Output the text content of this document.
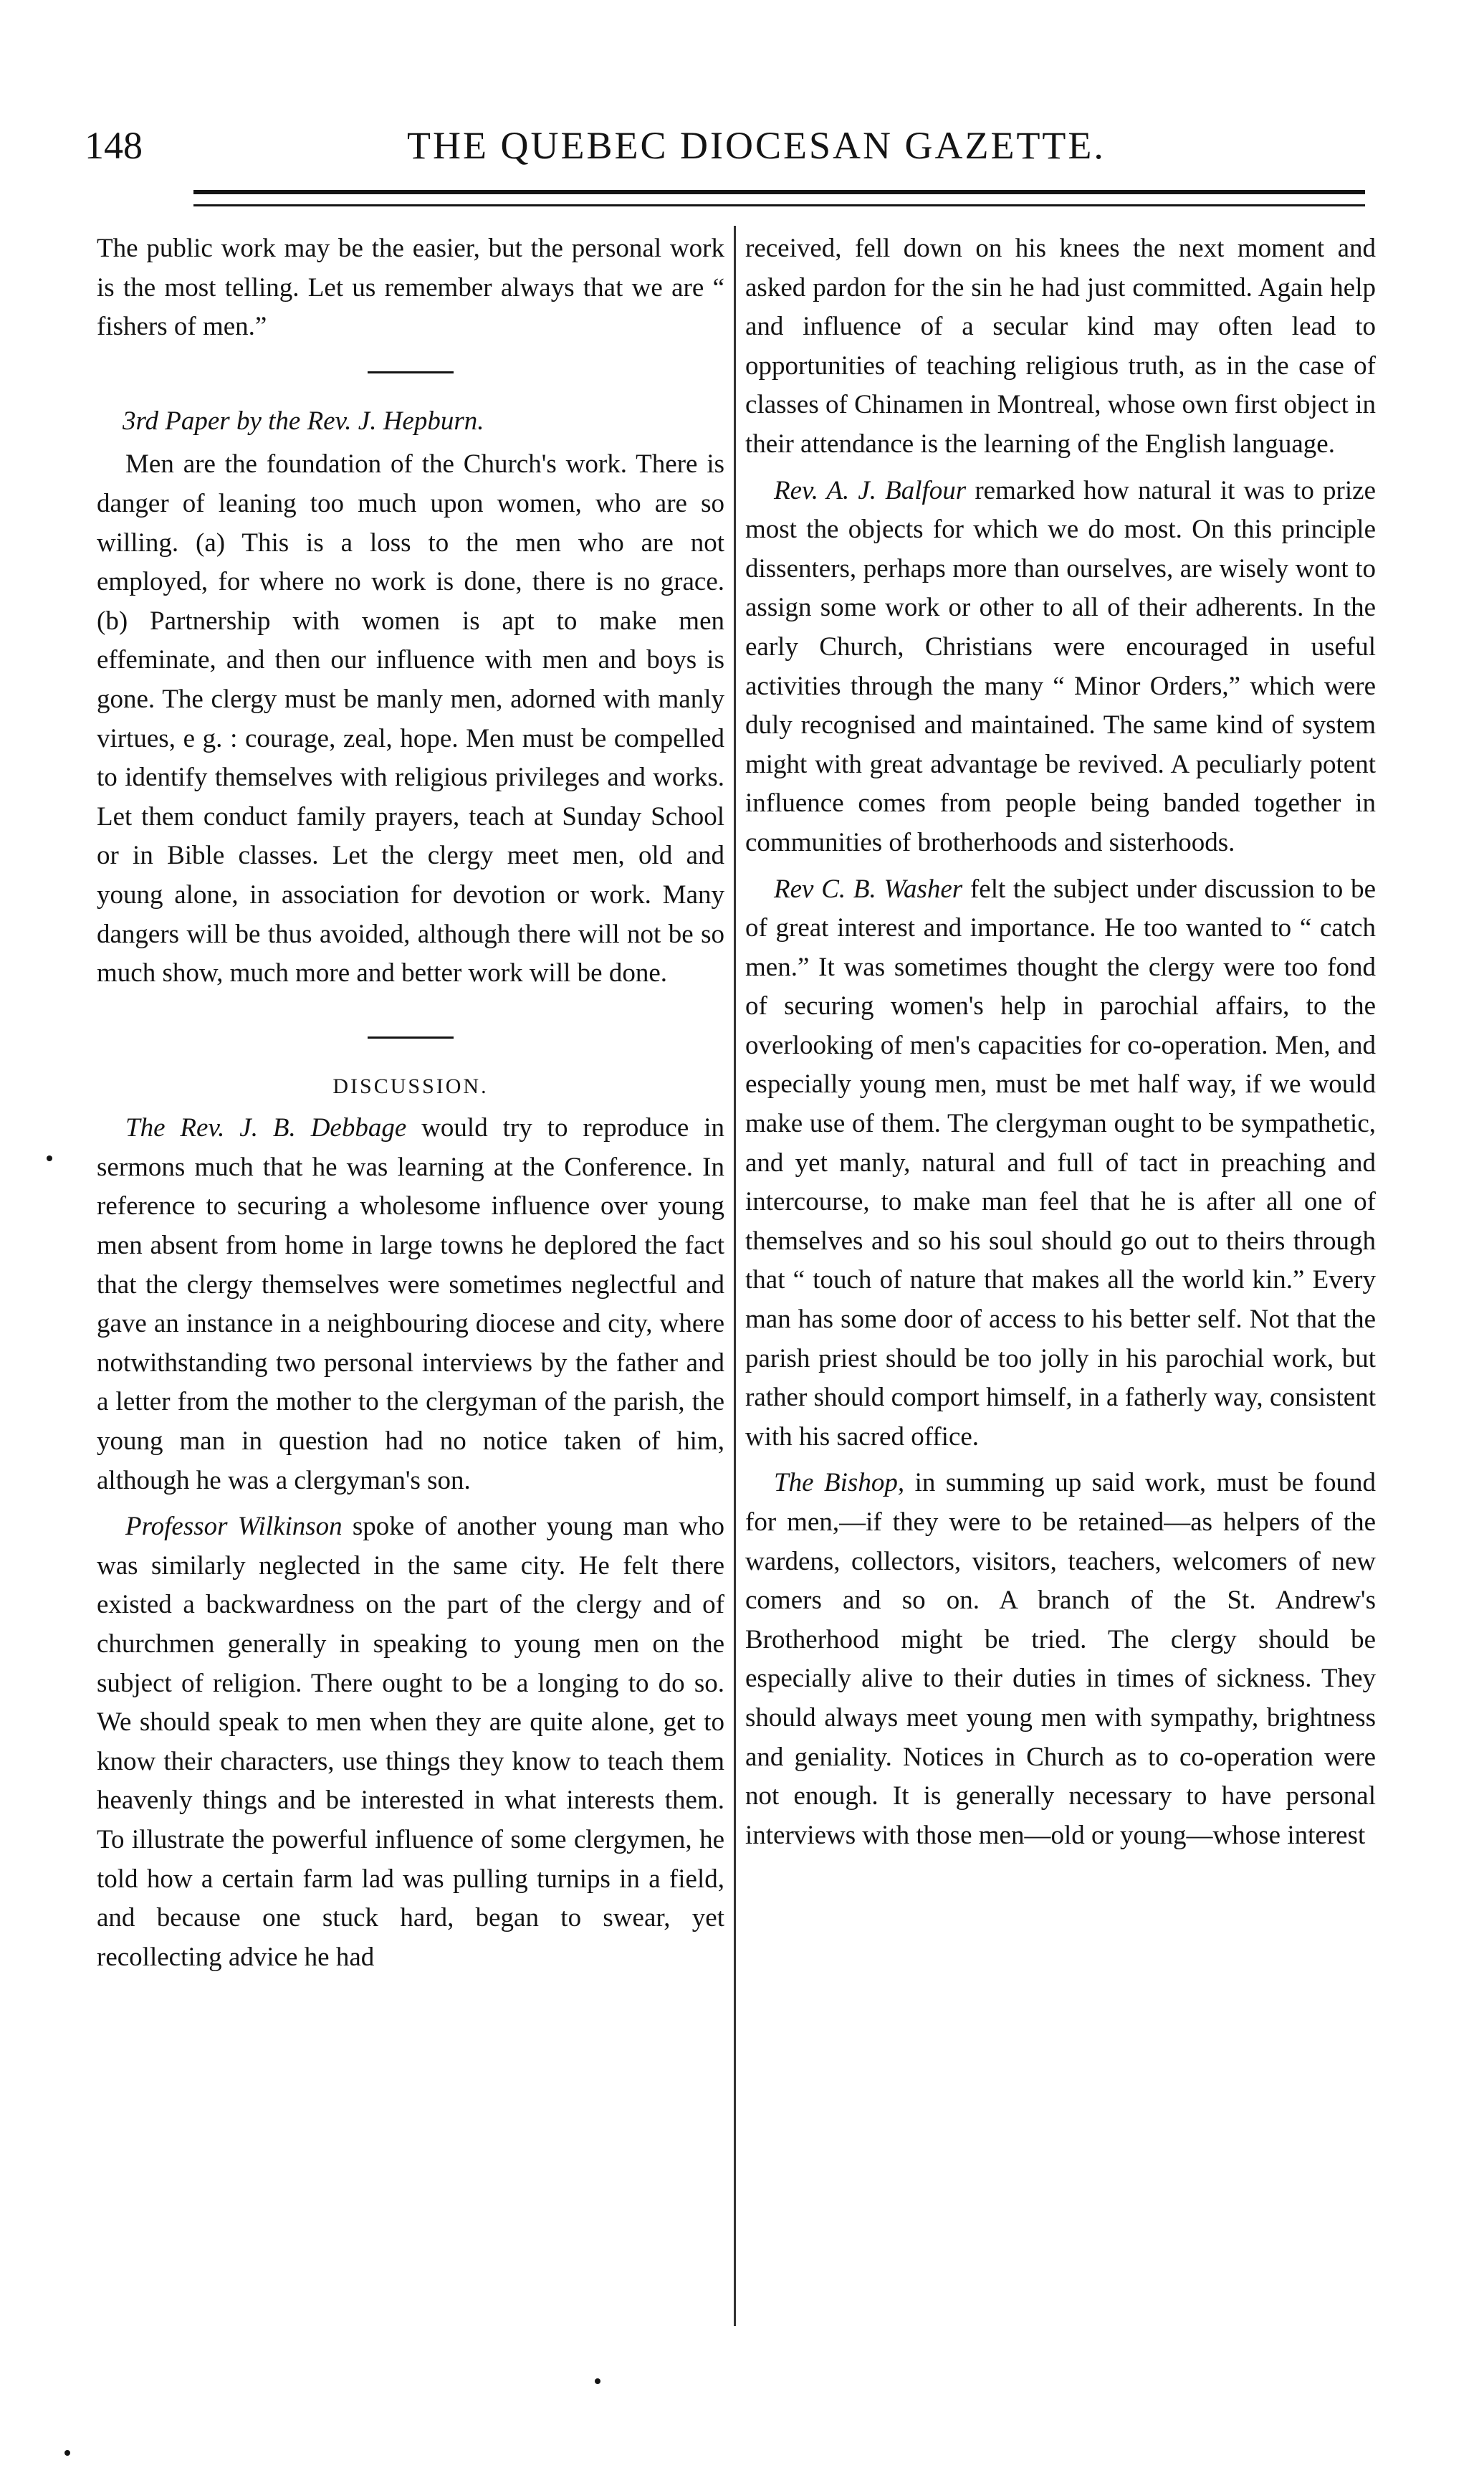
148	THE QUEBEC DIOCESAN GAZETTE.

The public work may be the easier, but the personal work is the most telling. Let us remember always that we are “ fishers of men.”

3rd Paper by the Rev. J. Hepburn.

Men are the foundation of the Church's work. There is danger of leaning too much upon women, who are so willing. (a) This is a loss to the men who are not employed, for where no work is done, there is no grace. (b) Partnership with women is apt to make men effeminate, and then our influence with men and boys is gone. The clergy must be manly men, adorned with manly virtues, e g. : courage, zeal, hope. Men must be compelled to identify themselves with religious privileges and works. Let them conduct family prayers, teach at Sunday School or in Bible classes. Let the clergy meet men, old and young alone, in association for devotion or work. Many dangers will be thus avoided, although there will not be so much show, much more and better work will be done.

DISCUSSION.

The Rev. J. B. Debbage would try to reproduce in sermons much that he was learning at the Conference. In reference to securing a wholesome influence over young men absent from home in large towns he deplored the fact that the clergy themselves were sometimes neglectful and gave an instance in a neighbouring diocese and city, where notwithstanding two personal interviews by the father and a letter from the mother to the clergyman of the parish, the young man in question had no notice taken of him, although he was a clergyman's son.

Professor Wilkinson spoke of another young man who was similarly neglected in the same city. He felt there existed a backwardness on the part of the clergy and of churchmen generally in speaking to young men on the subject of religion. There ought to be a longing to do so. We should speak to men when they are quite alone, get to know their characters, use things they know to teach them heavenly things and be interested in what interests them. To illustrate the powerful influence of some clergymen, he told how a certain farm lad was pulling turnips in a field, and because one stuck hard, began to swear, yet recollecting advice he had

received, fell down on his knees the next moment and asked pardon for the sin he had just committed. Again help and influence of a secular kind may often lead to opportunities of teaching religious truth, as in the case of classes of Chinamen in Montreal, whose own first object in their attendance is the learning of the English language.

Rev. A. J. Balfour remarked how natural it was to prize most the objects for which we do most. On this principle dissenters, perhaps more than ourselves, are wisely wont to assign some work or other to all of their adherents. In the early Church, Christians were encouraged in useful activities through the many “ Minor Orders,” which were duly recognised and maintained. The same kind of system might with great advantage be revived. A peculiarly potent influence comes from people being banded together in communities of brotherhoods and sisterhoods.

Rev C. B. Washer felt the subject under discussion to be of great interest and importance. He too wanted to “ catch men.” It was sometimes thought the clergy were too fond of securing women's help in parochial affairs, to the overlooking of men's capacities for co-operation. Men, and especially young men, must be met half way, if we would make use of them. The clergyman ought to be sympathetic, and yet manly, natural and full of tact in preaching and intercourse, to make man feel that he is after all one of themselves and so his soul should go out to theirs through that “ touch of nature that makes all the world kin.” Every man has some door of access to his better self. Not that the parish priest should be too jolly in his parochial work, but rather should comport himself, in a fatherly way, consistent with his sacred office.

The Bishop, in summing up said work, must be found for men,—if they were to be retained—as helpers of the wardens, collectors, visitors, teachers, welcomers of new comers and so on. A branch of the St. Andrew's Brotherhood might be tried. The clergy should be especially alive to their duties in times of sickness. They should always meet young men with sympathy, brightness and geniality. Notices in Church as to co-operation were not enough. It is generally necessary to have personal interviews with those men—old or young—whose interest
